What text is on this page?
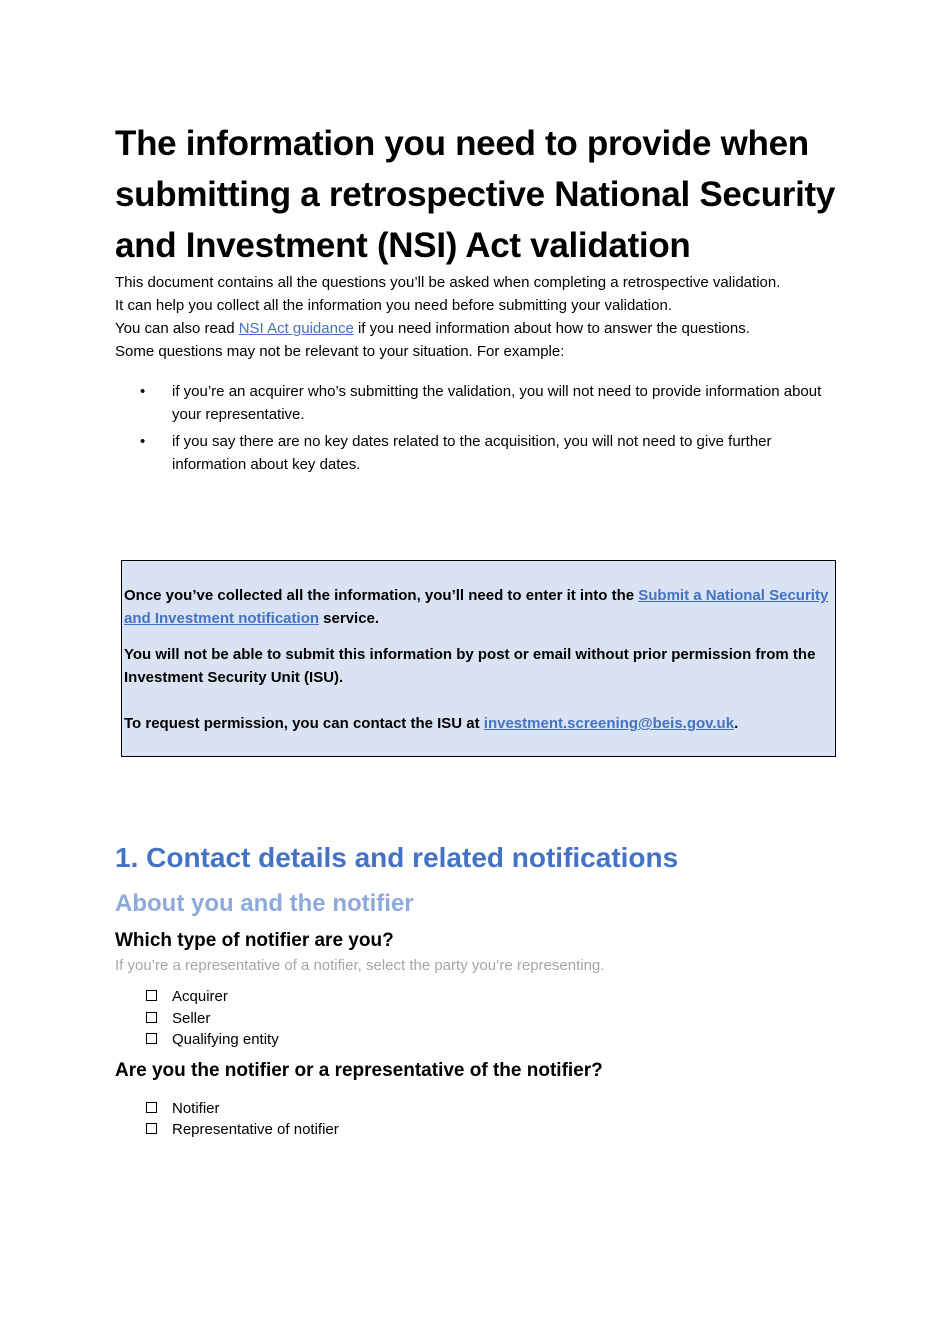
The information you need to provide when submitting a retrospective National Security and Investment (NSI) Act validation

This document contains all the questions you’ll be asked when completing a retrospective validation.
It can help you collect all the information you need before submitting your validation.

You can also read NSI Act guidance if you need information about how to answer the questions.

Some questions may not be relevant to your situation. For example:

• if you’re an acquirer who’s submitting the validation, you will not need to provide information about your representative.
• if you say there are no key dates related to the acquisition, you will not need to give further information about key dates.

Once you’ve collected all the information, you’ll need to enter it into the Submit a National Security and Investment notification service.

You will not be able to submit this information by post or email without prior permission from the Investment Security Unit (ISU).

To request permission, you can contact the ISU at investment.screening@beis.gov.uk.

1. Contact details and related notifications
About you and the notifier
Which type of notifier are you?

If you’re a representative of a notifier, select the party you’re representing.

Acquirer
Seller
Qualifying entity
Are you the notifier or a representative of the notifier?
Notifier
Representative of notifier
